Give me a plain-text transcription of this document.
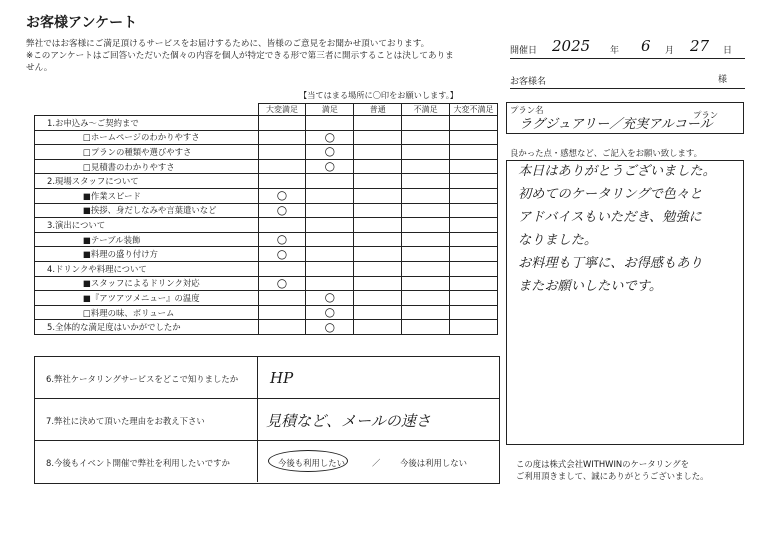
お客様アンケート
弊社ではお客様にご満足頂けるサービスをお届けするために、皆様のご意見をお聞かせ頂いております。
※このアンケートはご回答いただいた個々の内容を個人が特定できる形で第三者に開示することは決してありま
せん。
開催日 2025 年 6 月 27 日
お客様名	様
プラン名
ラグジュアリー／充実アルコール
プラン
【当てはまる場所に〇印をお願いします。】
	大変満足	満足	普通	不満足	大変不満足
1.お申込み～ご契約まで					
□ホームページのわかりやすさ		○			
□プランの種類や選びやすさ		○			
□見積書のわかりやすさ		○			
2.現場スタッフについて					
■作業スピード	○				
■挨拶、身だしなみや言葉遣いなど	○				
3.演出について					
■テーブル装飾	○				
■料理の盛り付け方	○				
4.ドリンクや料理について					
■スタッフによるドリンク対応	○				
■『アツアツメニュー』の温度		○			
□料理の味、ボリューム		○			
5.全体的な満足度はいかがでしたか		○			
良かった点・感想など、ご記入をお願い致します。
本日はありがとうございました。
初めてのケータリングで色々と
アドバイスもいただき、勉強に
なりました。
お料理も丁寧に、お得感もあり
またお願いしたいです。
6.弊社ケータリングサービスをどこで知りましたか HP
7.弊社に決めて頂いた理由をお教え下さい	見積など、メールの速さ
8.今後もイベント開催で弊社を利用したいですか	今後も利用したい	／ 今後は利用しない	この度は株式会社WITHWINのケータリングを
ご利用頂きまして、誠にありがとうございました。
